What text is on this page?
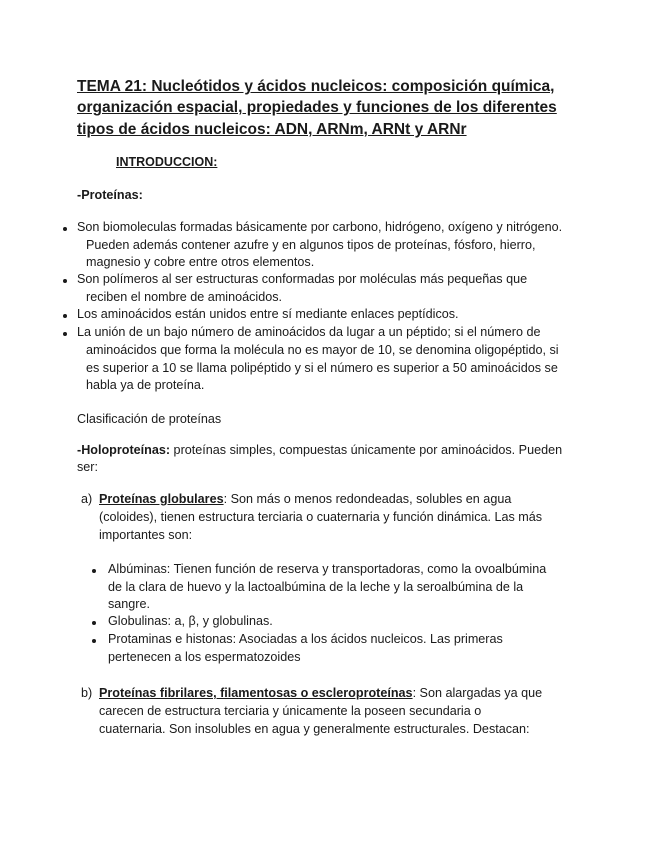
TEMA 21: Nucleótidos y ácidos nucleicos: composición química,
organización espacial, propiedades y funciones de los diferentes
tipos de ácidos nucleicos: ADN, ARNm, ARNt y ARNr
INTRODUCCION:
-Proteínas:
Son biomoleculas formadas básicamente por carbono, hidrógeno, oxígeno y nitrógeno.
Pueden además contener azufre y en algunos tipos de proteínas, fósforo, hierro,
magnesio y cobre entre otros elementos.
Son polímeros al ser estructuras conformadas por moléculas más pequeñas que
reciben el nombre de aminoácidos.
Los aminoácidos están unidos entre sí mediante enlaces peptídicos.
La unión de un bajo número de aminoácidos da lugar a un péptido; si el número de
aminoácidos que forma la molécula no es mayor de 10, se denomina oligopéptido, si
es superior a 10 se llama polipéptido y si el número es superior a 50 aminoácidos se
habla ya de proteína.
Clasificación de proteínas
-Holoproteínas: proteínas simples, compuestas únicamente por aminoácidos. Pueden
ser:
a) Proteínas globulares: Son más o menos redondeadas, solubles en agua
(coloides), tienen estructura terciaria o cuaternaria y función dinámica. Las más
importantes son:
Albúminas: Tienen función de reserva y transportadoras, como la ovoalbúmina
de la clara de huevo y la lactoalbúmina de la leche y la seroalbúmina de la
sangre.
Globulinas: a, β, y globulinas.
Protaminas e histonas: Asociadas a los ácidos nucleicos. Las primeras
pertenecen a los espermatozoides
b) Proteínas fibrilares, filamentosas o escleroproteínas: Son alargadas ya que
carecen de estructura terciaria y únicamente la poseen secundaria o
cuaternaria. Son insolubles en agua y generalmente estructurales. Destacan:
